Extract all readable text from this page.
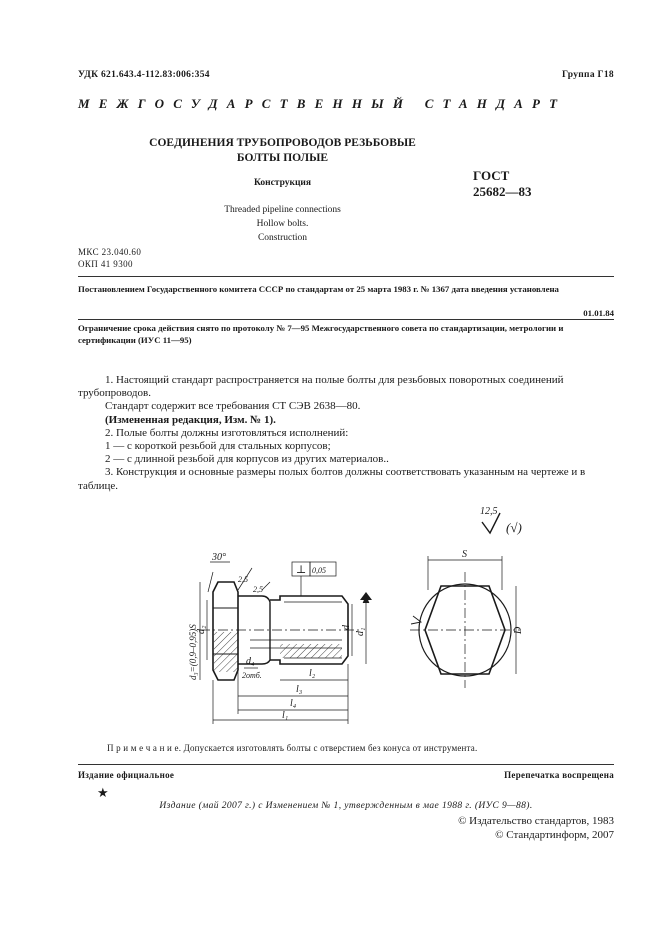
УДК 621.643.4-112.83:006:354	Группа Г18
МЕЖГОСУДАРСТВЕННЫЙ СТАНДАРТ
СОЕДИНЕНИЯ ТРУБОПРОВОДОВ РЕЗЬБОВЫЕ
БОЛТЫ ПОЛЫЕ
Конструкция
Threaded pipeline connections
Hollow bolts.
Construction
ГОСТ
25682—83
МКС 23.040.60
ОКП 41 9300
Постановлением Государственного комитета СССР по стандартам от 25 марта 1983 г. № 1367 дата введения установлена
01.01.84
Ограничение срока действия снято по протоколу № 7—95 Межгосударственного совета по стандартизации, метрологии и сертификации (ИУС 11—95)

1. Настоящий стандарт распространяется на полые болты для резьбовых поворотных соединений трубопроводов.

Стандарт содержит все требования СТ СЭВ 2638—80.

(Измененная редакция, Изм. № 1).

2. Полые болты должны изготовляться исполнений:

1 — с короткой резьбой для стальных корпусов;

2 — с длинной резьбой для корпусов из других материалов..

3. Конструкция и основные размеры полых болтов должны соответствовать указанным на чертеже и в таблице.

12,5
(√)
30°
2,5
2,5
⊥ 0,05
d₃=(0,9–0,95)S
d₂	d
d₁
d₄
2отб.	l₂
l₃
l₄
l₁
S
D
П р и м е ч а н и е. Допускается изготовлять болты с отверстием без конуса от инструмента.
Издание официальное	Перепечатка воспрещена
★
Издание (май 2007 г.) с Изменением № 1, утвержденным в мае 1988 г. (ИУС 9—88).
© Издательство стандартов, 1983
© Стандартинформ, 2007
